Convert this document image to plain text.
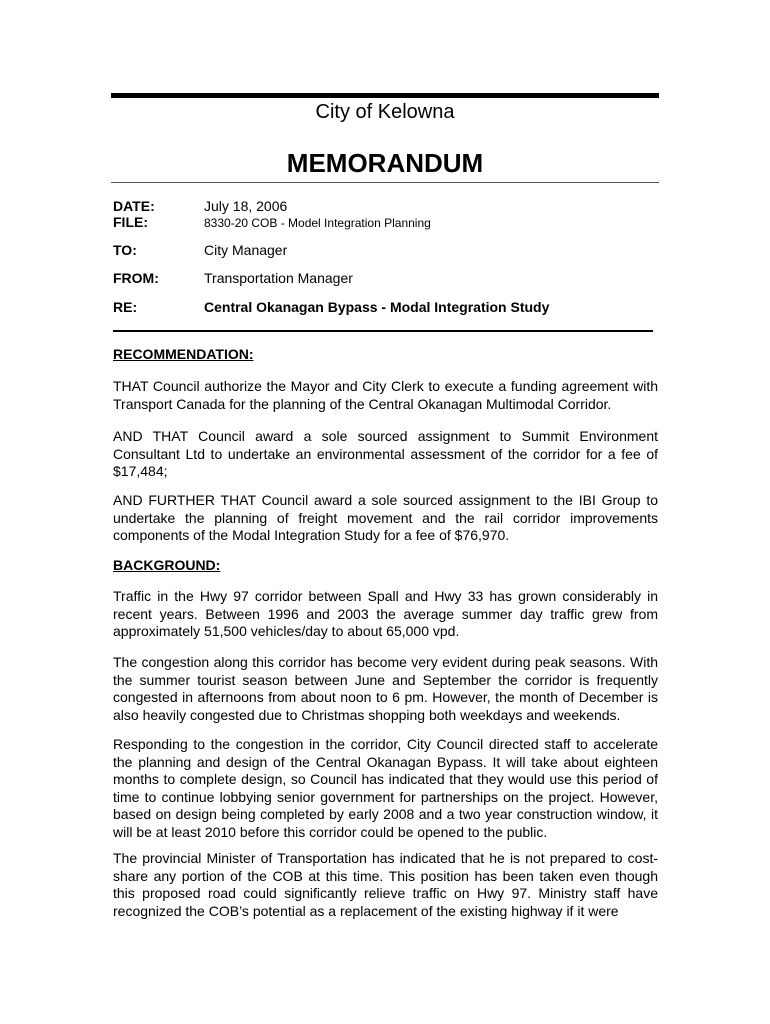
City of Kelowna
MEMORANDUM
DATE:	July 18, 2006
FILE:	8330-20 COB - Model Integration Planning
TO:	City Manager
FROM:	Transportation Manager
RE:	Central Okanagan Bypass - Modal Integration Study
RECOMMENDATION:

THAT Council authorize the Mayor and City Clerk to execute a funding agreement with Transport Canada for the planning of the Central Okanagan Multimodal Corridor.

AND THAT Council award a sole sourced assignment to Summit Environment Consultant Ltd to undertake an environmental assessment of the corridor for a fee of $17,484;

AND FURTHER THAT Council award a sole sourced assignment to the IBI Group to undertake the planning of freight movement and the rail corridor improvements components of the Modal Integration Study for a fee of $76,970.

BACKGROUND:

Traffic in the Hwy 97 corridor between Spall and Hwy 33 has grown considerably in recent years. Between 1996 and 2003 the average summer day traffic grew from approximately 51,500 vehicles/day to about 65,000 vpd.

The congestion along this corridor has become very evident during peak seasons. With the summer tourist season between June and September the corridor is frequently congested in afternoons from about noon to 6 pm. However, the month of December is also heavily congested due to Christmas shopping both weekdays and weekends.

Responding to the congestion in the corridor, City Council directed staff to accelerate the planning and design of the Central Okanagan Bypass. It will take about eighteen months to complete design, so Council has indicated that they would use this period of time to continue lobbying senior government for partnerships on the project. However, based on design being completed by early 2008 and a two year construction window, it will be at least 2010 before this corridor could be opened to the public.

The provincial Minister of Transportation has indicated that he is not prepared to cost-share any portion of the COB at this time. This position has been taken even though this proposed road could significantly relieve traffic on Hwy 97. Ministry staff have recognized the COB’s potential as a replacement of the existing highway if it were
